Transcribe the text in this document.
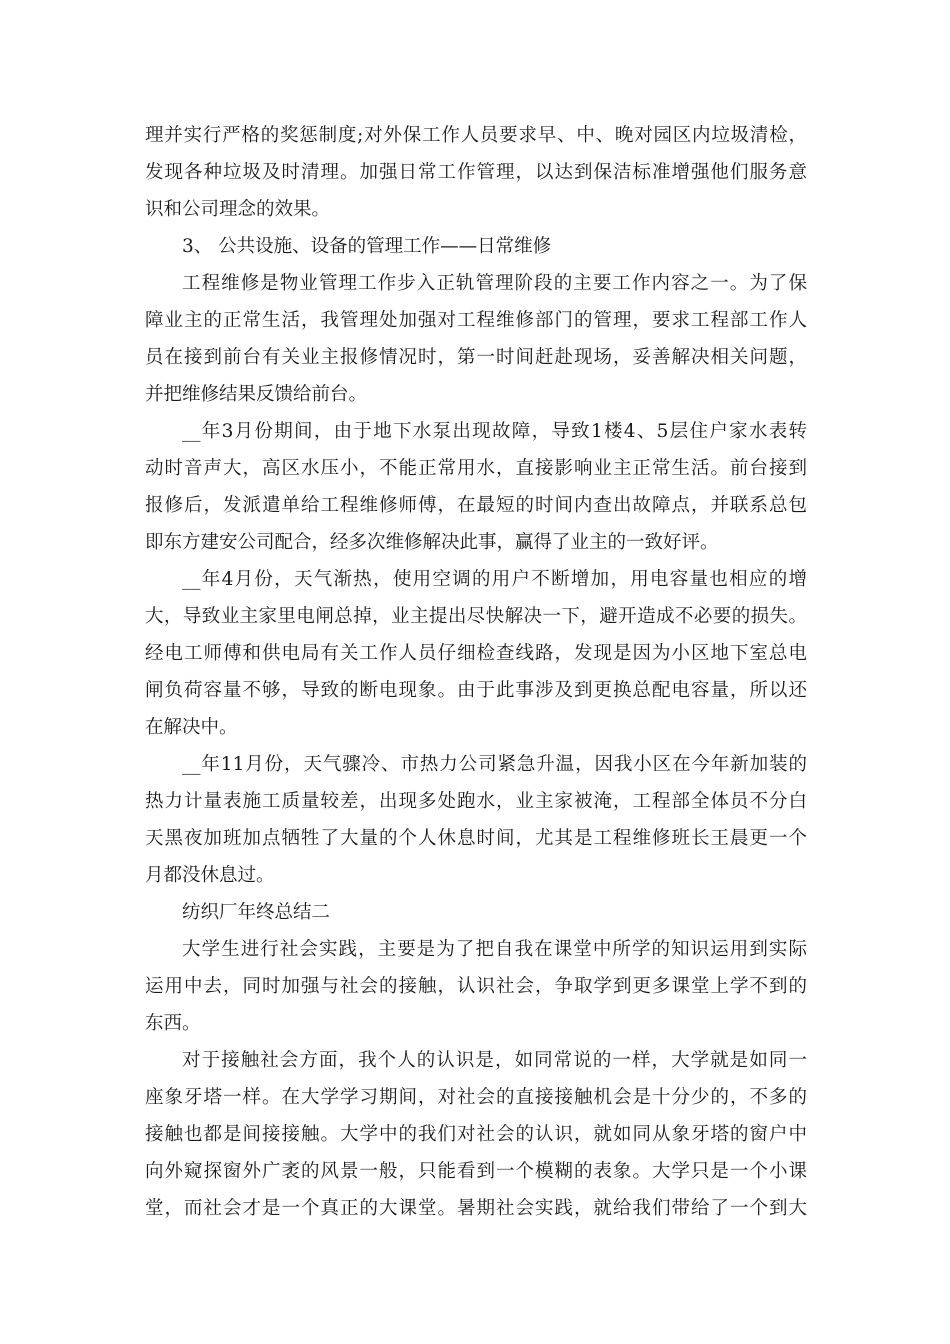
理并实行严格的奖惩制度;对外保工作人员要求早、中、晚对园区内垃圾清检，
发现各种垃圾及时清理。加强日常工作管理，以达到保洁标准增强他们服务意
识和公司理念的效果。
3、 公共设施、设备的管理工作——日常维修
工程维修是物业管理工作步入正轨管理阶段的主要工作内容之一。为了保
障业主的正常生活，我管理处加强对工程维修部门的管理，要求工程部工作人
员在接到前台有关业主报修情况时，第一时间赶赴现场，妥善解决相关问题，
并把维修结果反馈给前台。
__年3月份期间，由于地下水泵出现故障，导致1楼4、5层住户家水表转
动时音声大，高区水压小，不能正常用水，直接影响业主正常生活。前台接到
报修后，发派遣单给工程维修师傅，在最短的时间内查出故障点，并联系总包
即东方建安公司配合，经多次维修解决此事，赢得了业主的一致好评。
__年4月份，天气渐热，使用空调的用户不断增加，用电容量也相应的增
大，导致业主家里电闸总掉，业主提出尽快解决一下，避开造成不必要的损失。
经电工师傅和供电局有关工作人员仔细检查线路，发现是因为小区地下室总电
闸负荷容量不够，导致的断电现象。由于此事涉及到更换总配电容量，所以还
在解决中。
__年11月份，天气骤冷、市热力公司紧急升温，因我小区在今年新加装的
热力计量表施工质量较差，出现多处跑水，业主家被淹，工程部全体员不分白
天黑夜加班加点牺牲了大量的个人休息时间，尤其是工程维修班长王晨更一个
月都没休息过。
纺织厂年终总结二
大学生进行社会实践，主要是为了把自我在课堂中所学的知识运用到实际
运用中去，同时加强与社会的接触，认识社会，争取学到更多课堂上学不到的
东西。
对于接触社会方面，我个人的认识是，如同常说的一样，大学就是如同一
座象牙塔一样。在大学学习期间，对社会的直接接触机会是十分少的，不多的
接触也都是间接接触。大学中的我们对社会的认识，就如同从象牙塔的窗户中
向外窥探窗外广袤的风景一般，只能看到一个模糊的表象。大学只是一个小课
堂，而社会才是一个真正的大课堂。暑期社会实践，就给我们带给了一个到大
